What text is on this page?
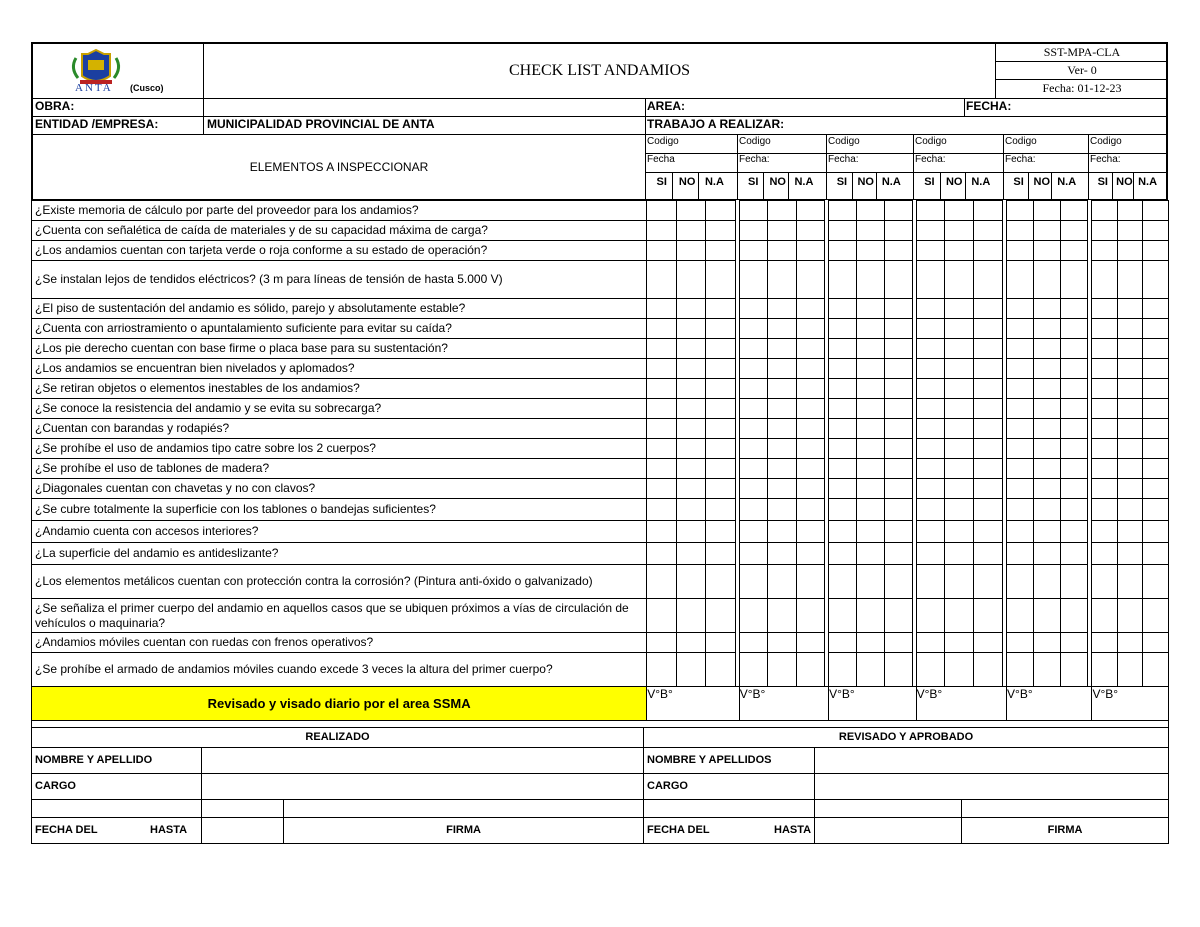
ANTA (Cusco)
CHECK LIST ANDAMIOS
SST-MPA-CLA
Ver- 0
Fecha: 01-12-23
OBRA:	AREA:	FECHA:
ENTIDAD /EMPRESA:	MUNICIPALIDAD PROVINCIAL DE ANTA	TRABAJO A REALIZAR:
ELEMENTOS A INSPECCIONAR
Codigo
Fecha
SI	NO N.A
Codigo
Fecha:
SI	NO N.A
Codigo
Fecha:
SI NO N.A
Codigo
Fecha:
SI	NO N.A
Codigo
Fecha:
SI NO N.A
Codigo
Fecha:
SI NO N.A
¿Existe memoria de cálculo por parte del proveedor para los andamios?																							
¿Cuenta con señalética de caída de materiales y de su capacidad máxima de carga?																							
¿Los andamios cuentan con tarjeta verde o roja conforme a su estado de operación?																							
¿Se instalan lejos de tendidos eléctricos? (3 m para líneas de tensión de hasta 5.000 V)																							
¿El piso de sustentación del andamio es sólido, parejo y absolutamente estable?																							
¿Cuenta con arriostramiento o apuntalamiento suficiente para evitar su caída?																							
¿Los pie derecho cuentan con base firme o placa base para su sustentación?																							
¿Los andamios se encuentran bien nivelados y aplomados?																							
¿Se retiran objetos o elementos inestables de los andamios?																							
¿Se conoce la resistencia del andamio y se evita su sobrecarga?																							
¿Cuentan con barandas y rodapiés?																							
¿Se prohíbe el uso de andamios tipo catre sobre los 2 cuerpos?																							
¿Se prohíbe el uso de tablones de madera?																							
¿Diagonales cuentan con chavetas y no con clavos?																							
¿Se cubre totalmente la superficie con los tablones o bandejas suficientes?																							
¿Andamio cuenta con accesos interiores?																							
¿La superficie del andamio es antideslizante?																							
¿Los elementos metálicos cuentan con protección contra la corrosión? (Pintura anti-óxido o galvanizado)																							
¿Se señaliza el primer cuerpo del andamio en aquellos casos que se ubiquen próximos a vías de circulación de vehículos o maquinaria?																							
¿Andamios móviles cuentan con ruedas con frenos operativos?																							
¿Se prohíbe el armado de andamios móviles cuando excede 3 veces la altura del primer cuerpo?																							
Revisado y visado diario por el area SSMA	V°B°				V°B°				V°B°				V°B°				V°B°				V°B°		

REALIZADO			REVISADO Y APROBADO		
NOMBRE Y APELLIDO			NOMBRE Y APELLIDOS		
CARGO			CARGO		

FECHA DEL HASTA		FIRMA	FECHA DEL HASTA		FIRMA
